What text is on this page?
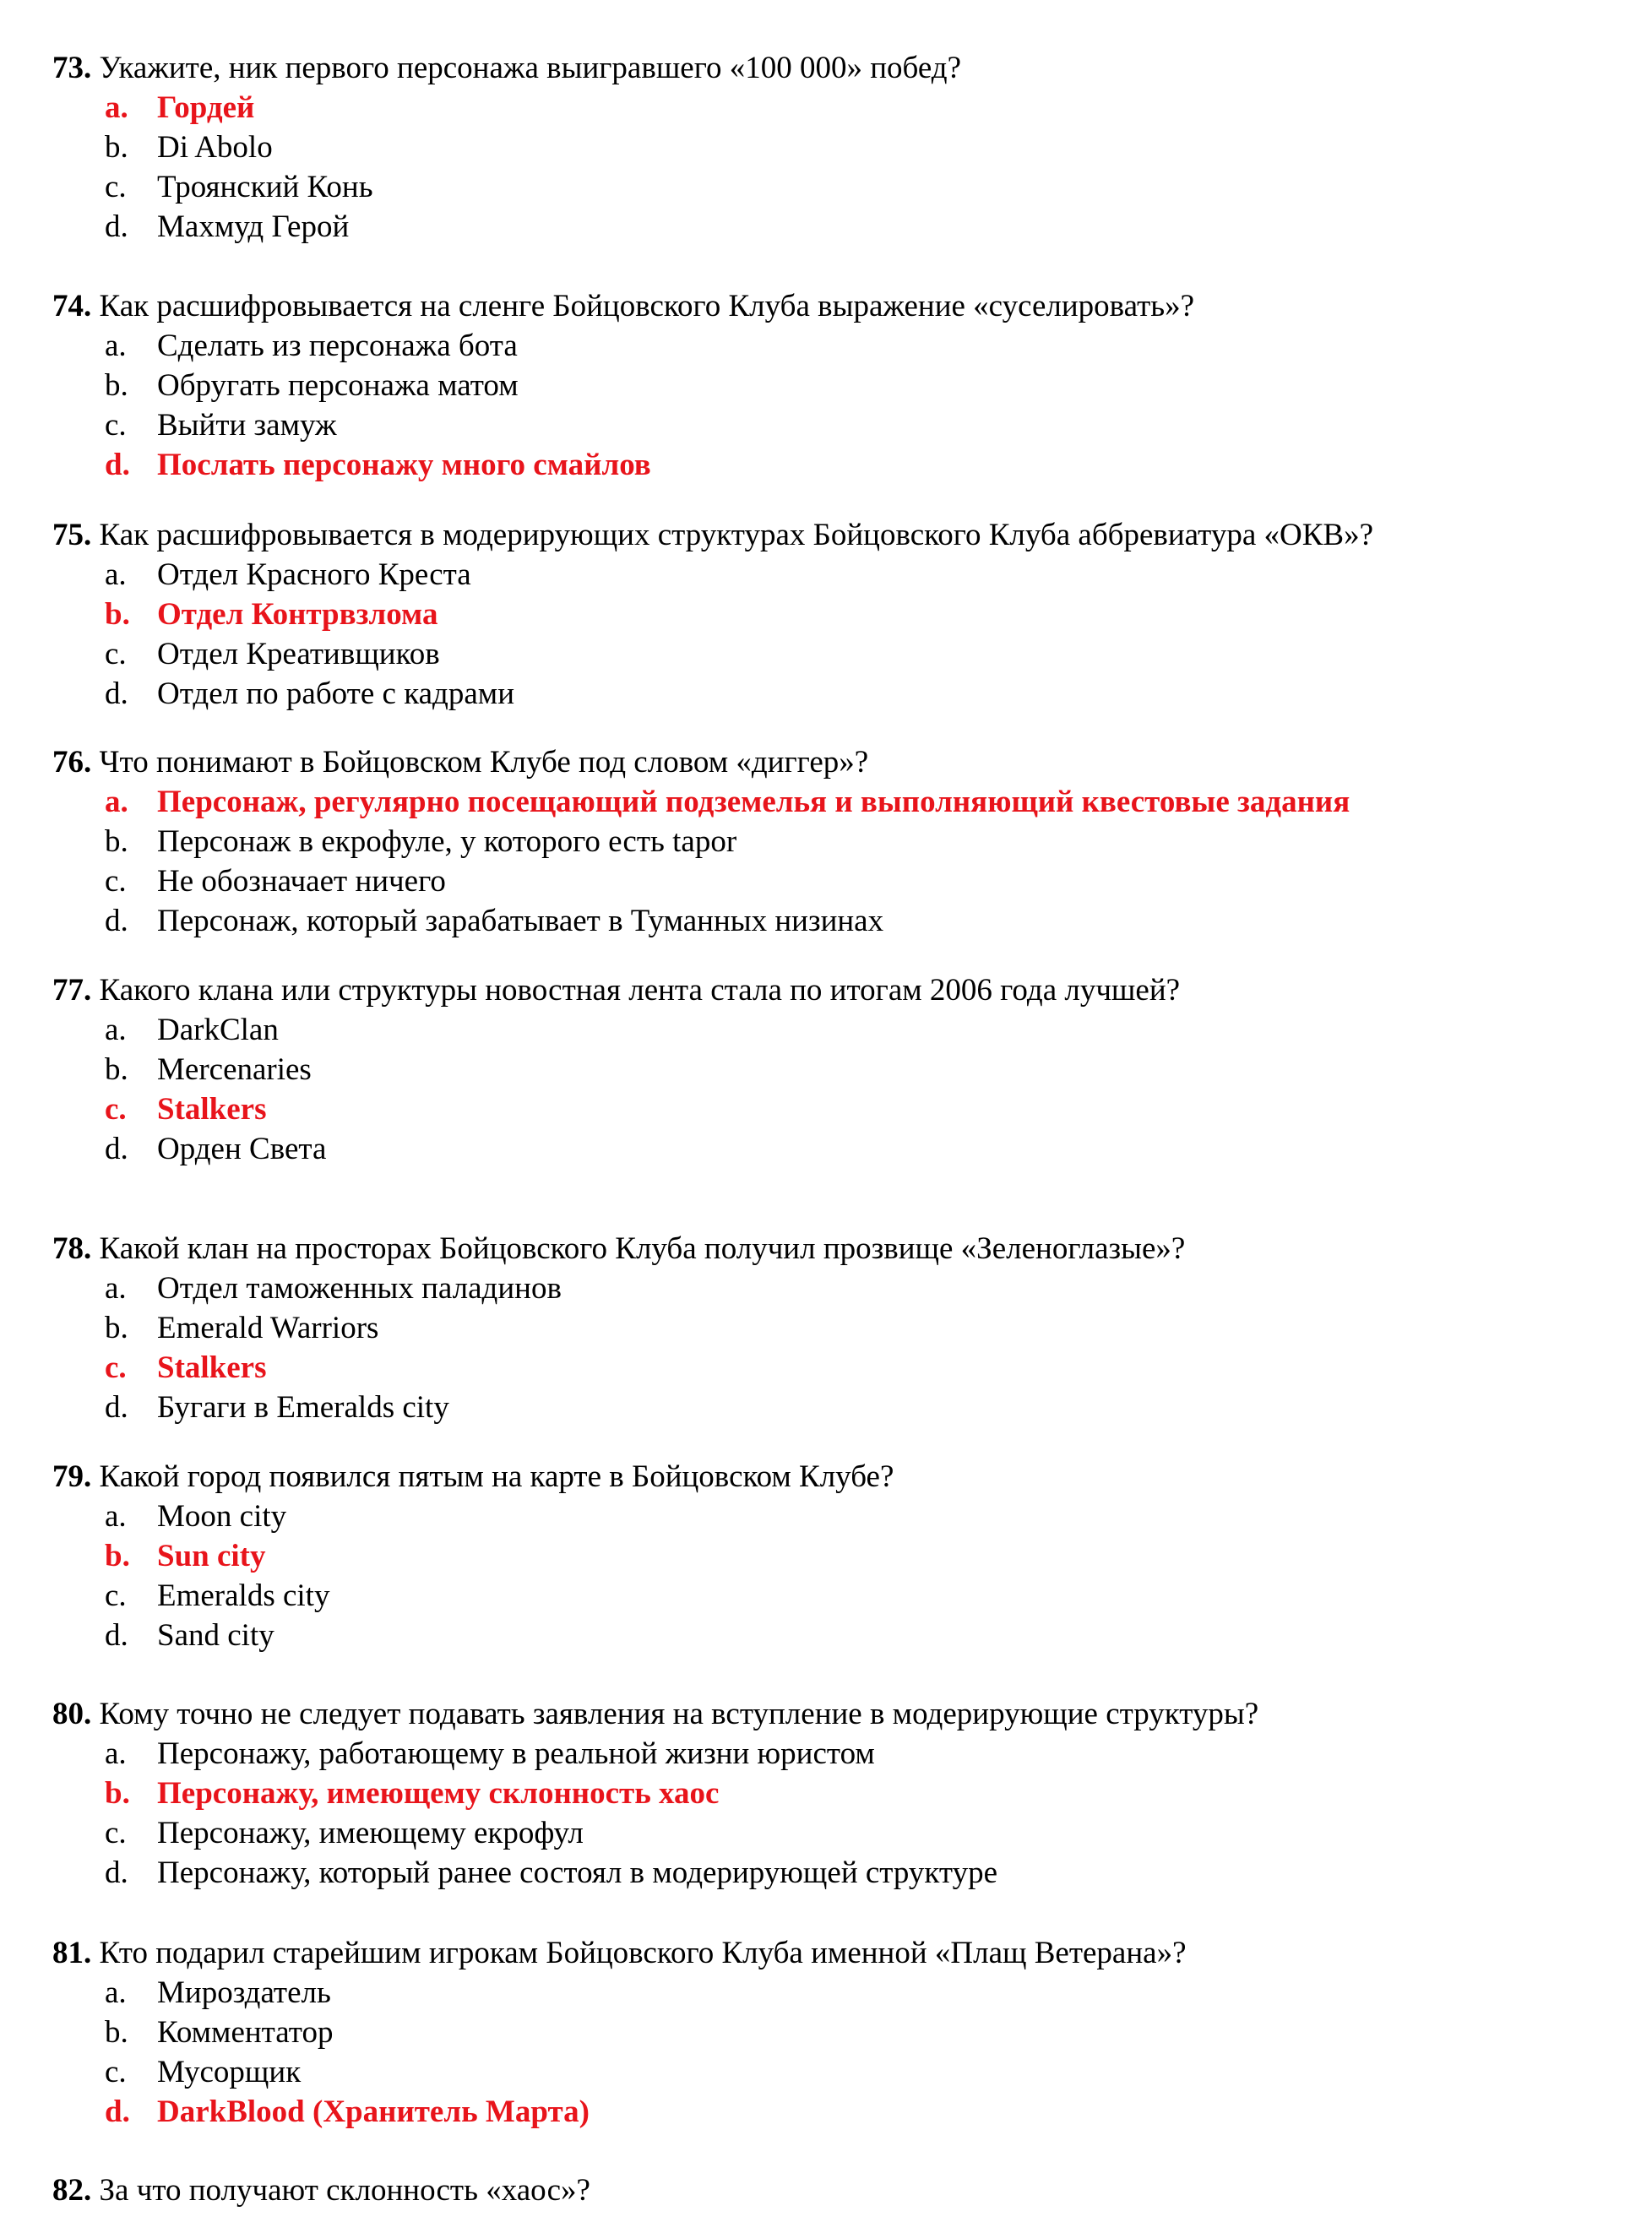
73. Укажите, ник первого персонажа выигравшего «100 000» побед?
a. Гордей
b. Di Abolo
c. Троянский Конь
d. Махмуд Герой
74. Как расшифровывается на сленге Бойцовского Клуба выражение «суселировать»?
a. Сделать из персонажа бота
b. Обругать персонажа матом
c. Выйти замуж
d. Послать персонажу много смайлов
75. Как расшифровывается в модерирующих структурах Бойцовского Клуба аббревиатура «ОКВ»?
a. Отдел Красного Креста
b. Отдел Контрвзлома
c. Отдел Креативщиков
d. Отдел по работе с кадрами
76. Что понимают в Бойцовском Клубе под словом «диггер»?
a. Персонаж, регулярно посещающий подземелья и выполняющий квестовые задания
b. Персонаж в екрофуле, у которого есть tapor
c. Не обозначает ничего
d. Персонаж, который зарабатывает в Туманных низинах
77. Какого клана или структуры новостная лента стала по итогам 2006 года лучшей?
a. DarkClan
b. Mercenaries
c. Stalkers
d. Орден Света
78. Какой клан на просторах Бойцовского Клуба получил прозвище «Зеленоглазые»?
a. Отдел таможенных паладинов
b. Emerald Warriors
c. Stalkers
d. Бугаги в Emeralds city
79. Какой город появился пятым на карте в Бойцовском Клубе?
a. Moon city
b. Sun city
c. Emeralds city
d. Sand city
80. Кому точно не следует подавать заявления на вступление в модерирующие структуры?
a. Персонажу, работающему в реальной жизни юристом
b. Персонажу, имеющему склонность хаос
c. Персонажу, имеющему екрофул
d. Персонажу, который ранее состоял в модерирующей структуре
81. Кто подарил старейшим игрокам Бойцовского Клуба именной «Плащ Ветерана»?
a. Мироздатель
b. Комментатор
c. Мусорщик
d. DarkBlood (Хранитель Марта)
82. За что получают склонность «хаос»?
